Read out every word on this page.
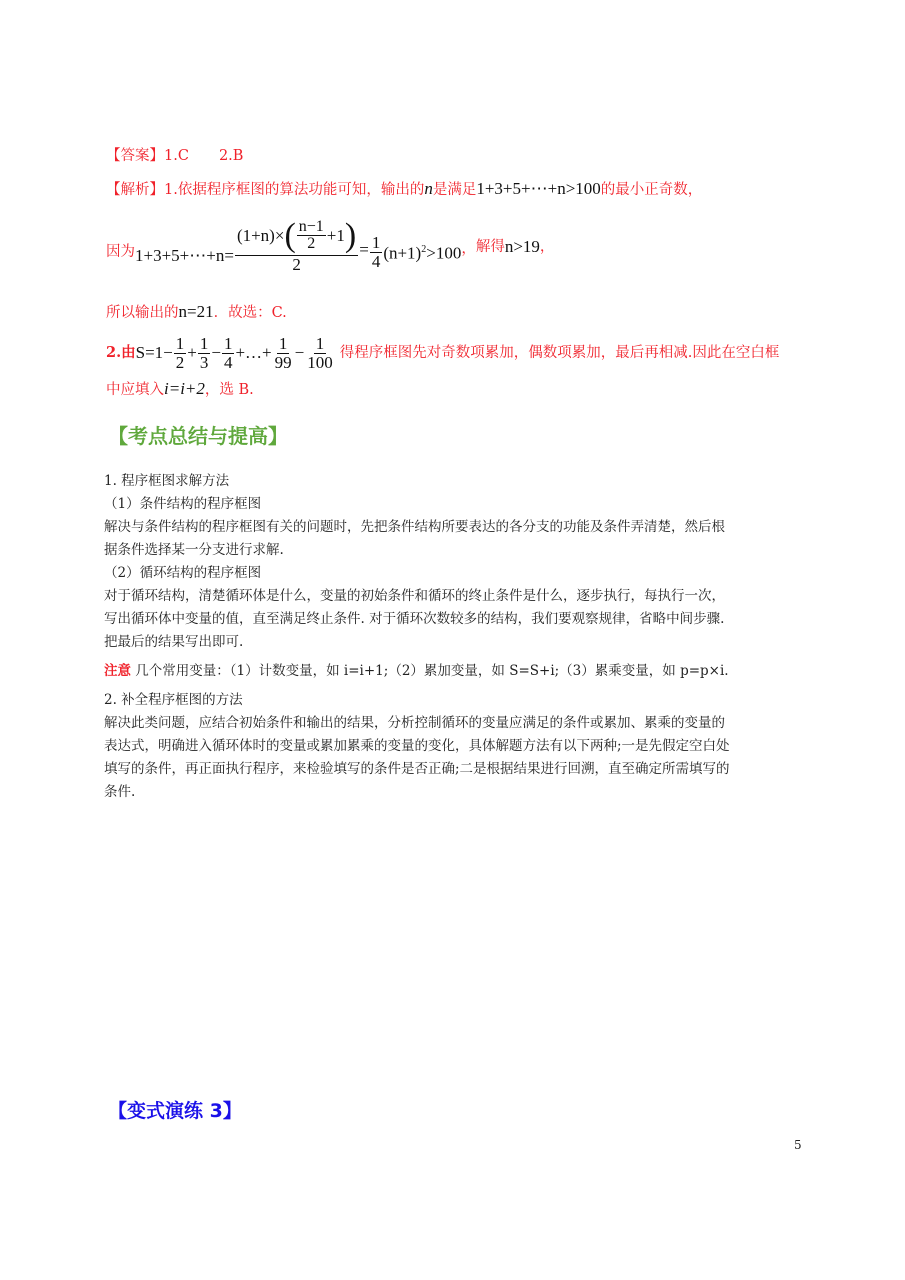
【答案】1.C 2.B
【解析】1.依据程序框图的算法功能可知，输出的n是满足1+3+5+⋯+n>100的最小正奇数，
因为 1+3+5+⋯+n=
(1+n)× ( $\frac{n-1}{2} +1$ )
2
= $\frac{1}{4} (n+1)^2>100$ ， 解得 n>19 ，
所以输出的n=21．故选：C.
2.由 $S=1- \frac{1}{2} + \frac{1}{3} - \frac{1}{4}$ +…+ $\frac{1}{99} - \frac{1}{100}$ 得程序框图先对奇数项累加，偶数项累加，最后再相减.因此在空白框
中应填入i=i+2，选 B.
【考点总结与提高】
1. 程序框图求解方法
（1）条件结构的程序框图
解决与条件结构的程序框图有关的问题时，先把条件结构所要表达的各分支的功能及条件弄清楚，然后根
据条件选择某一分支进行求解.
（2）循环结构的程序框图
对于循环结构，清楚循环体是什么，变量的初始条件和循环的终止条件是什么，逐步执行，每执行一次，
写出循环体中变量的值，直至满足终止条件. 对于循环次数较多的结构，我们要观察规律，省略中间步骤.
把最后的结果写出即可.
注意 几个常用变量：（1）计数变量，如 i=i+1;（2）累加变量，如 S=S+i;（3）累乘变量，如 p=p×i.
2. 补全程序框图的方法
解决此类问题，应结合初始条件和输出的结果，分析控制循环的变量应满足的条件或累加、累乘的变量的
表达式，明确进入循环体时的变量或累加累乘的变量的变化，具体解题方法有以下两种;一是先假定空白处
填写的条件，再正面执行程序，来检验填写的条件是否正确;二是根据结果进行回溯，直至确定所需填写的
条件.
【变式演练 3】
5
